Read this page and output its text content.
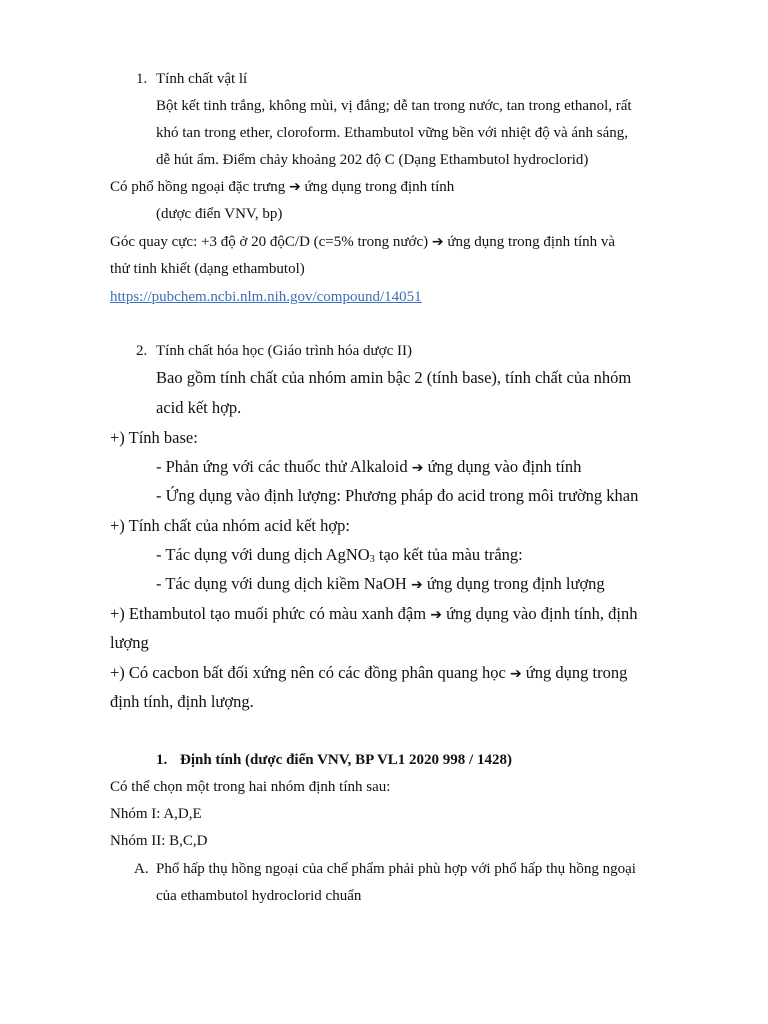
1. Tính chất vật lí
Bột kết tinh trắng, không mùi, vị đắng; dễ tan trong nước, tan trong ethanol, rất
khó tan trong ether, cloroform. Ethambutol vững bền với nhiệt độ và ánh sáng,
dễ hút ẩm. Điểm chảy khoảng 202 độ C (Dạng Ethambutol hydroclorid)
Có phổ hồng ngoại đặc trưng ➔ ứng dụng trong định tính
(dược điển VNV, bp)
Góc quay cực: +3 độ ở 20 độC/D (c=5% trong nước) ➔ ứng dụng trong định tính và
thử tinh khiết (dạng ethambutol)
https://pubchem.ncbi.nlm.nih.gov/compound/14051
2. Tính chất hóa học (Giáo trình hóa dược II)
Bao gồm tính chất của nhóm amin bậc 2 (tính base), tính chất của nhóm
acid kết hợp.
+) Tính base:
- Phản ứng với các thuốc thử Alkaloid ➔ ứng dụng vào định tính
- Ứng dụng vào định lượng: Phương pháp đo acid trong môi trường khan
+) Tính chất của nhóm acid kết hợp:
- Tác dụng với dung dịch AgNO$_3$ tạo kết tủa màu trắng:
- Tác dụng với dung dịch kiềm NaOH ➔ ứng dụng trong định lượng
+) Ethambutol tạo muối phức có màu xanh đậm ➔ ứng dụng vào định tính, định
lượng
+) Có cacbon bất đối xứng nên có các đồng phân quang học ➔ ứng dụng trong
định tính, định lượng.
1. Định tính (dược điển VNV, BP VL1 2020 998 / 1428)
Có thể chọn một trong hai nhóm định tính sau:
Nhóm I: A,D,E
Nhóm II: B,C,D
A. Phổ hấp thụ hồng ngoại của chế phẩm phải phù hợp với phổ hấp thụ hồng ngoại
của ethambutol hydroclorid chuẩn
